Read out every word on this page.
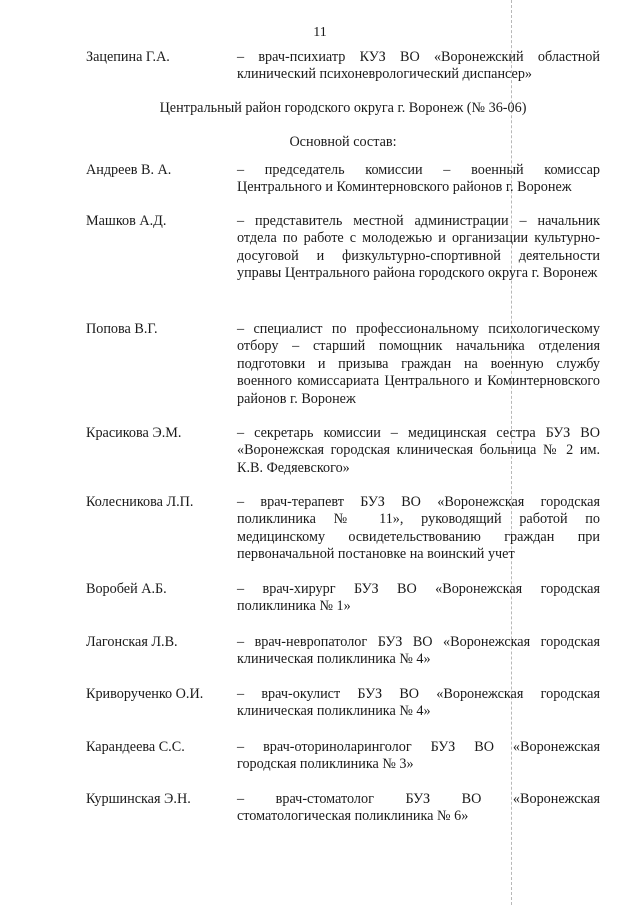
11
Зацепина Г.А.	– врач-психиатр КУЗ ВО «Воронежский областной клинический психоневрологический диспансер»
Центральный район городского округа г. Воронеж (№ 36-06)
Основной состав:
Андреев В. А.	– председатель комиссии – военный комиссар Центрального и Коминтерновского районов г. Воронеж
Машков А.Д.	– представитель местной администрации – начальник отдела по работе с молодежью и организации культурно-досуговой и физкультурно-спортивной деятельности управы Центрального района городского округа г. Воронеж
Попова В.Г.	– специалист по профессиональному психологическому отбору – старший помощник начальника отделения подготовки и призыва граждан на военную службу военного комиссариата Центрального и Коминтерновского районов г. Воронеж
Красикова Э.М.	– секретарь комиссии – медицинская сестра БУЗ ВО «Воронежская городская клиническая больница № 2 им. К.В. Федяевского»
Колесникова Л.П.	– врач-терапевт БУЗ ВО «Воронежская городская поликлиника № 11», руководящий работой по медицинскому освидетельствованию граждан при первоначальной постановке на воинский учет
Воробей А.Б.	– врач-хирург БУЗ ВО «Воронежская городская поликлиника № 1»
Лагонская Л.В.	– врач-невропатолог БУЗ ВО «Воронежская городская клиническая поликлиника № 4»
Криворученко О.И.	– врач-окулист БУЗ ВО «Воронежская городская клиническая поликлиника № 4»
Карандеева С.С.	– врач-оториноларинголог БУЗ ВО «Воронежская городская поликлиника № 3»
Куршинская Э.Н.	– врач-стоматолог БУЗ ВО «Воронежская стоматологическая поликлиника № 6»
